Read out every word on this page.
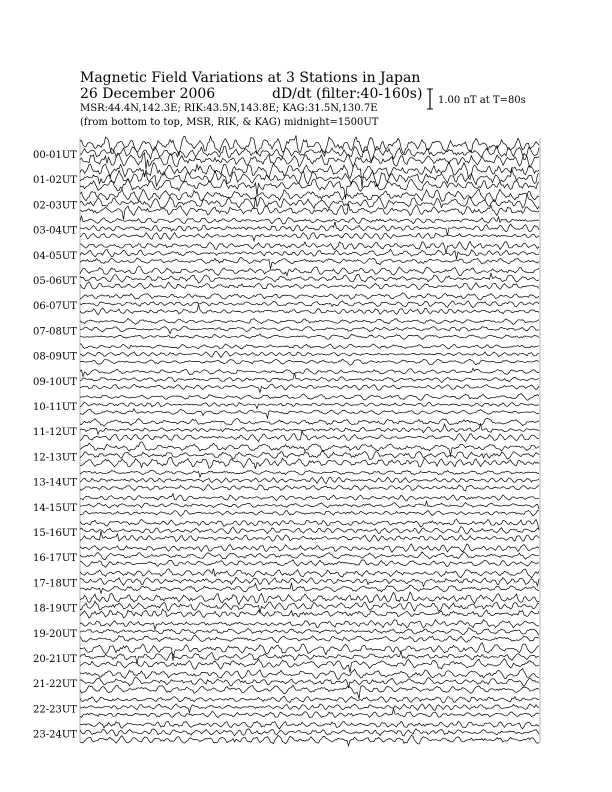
Magnetic Field Variations at 3 Stations in Japan
26 December 2006	dD/dt (filter:40-160s)
MSR:44.4N,142.3E; RIK:43.5N,143.8E; KAG:31.5N,130.7E
(from bottom to top, MSR, RIK, & KAG) midnight=1500UT
1.00 nT at T=80s
00-01UT
01-02UT
02-03UT
03-04UT
04-05UT
05-06UT
06-07UT
07-08UT
08-09UT
09-10UT
10-11UT
11-12UT
12-13UT
13-14UT
14-15UT
15-16UT
16-17UT
17-18UT
18-19UT
19-20UT
20-21UT
21-22UT
22-23UT
23-24UT
